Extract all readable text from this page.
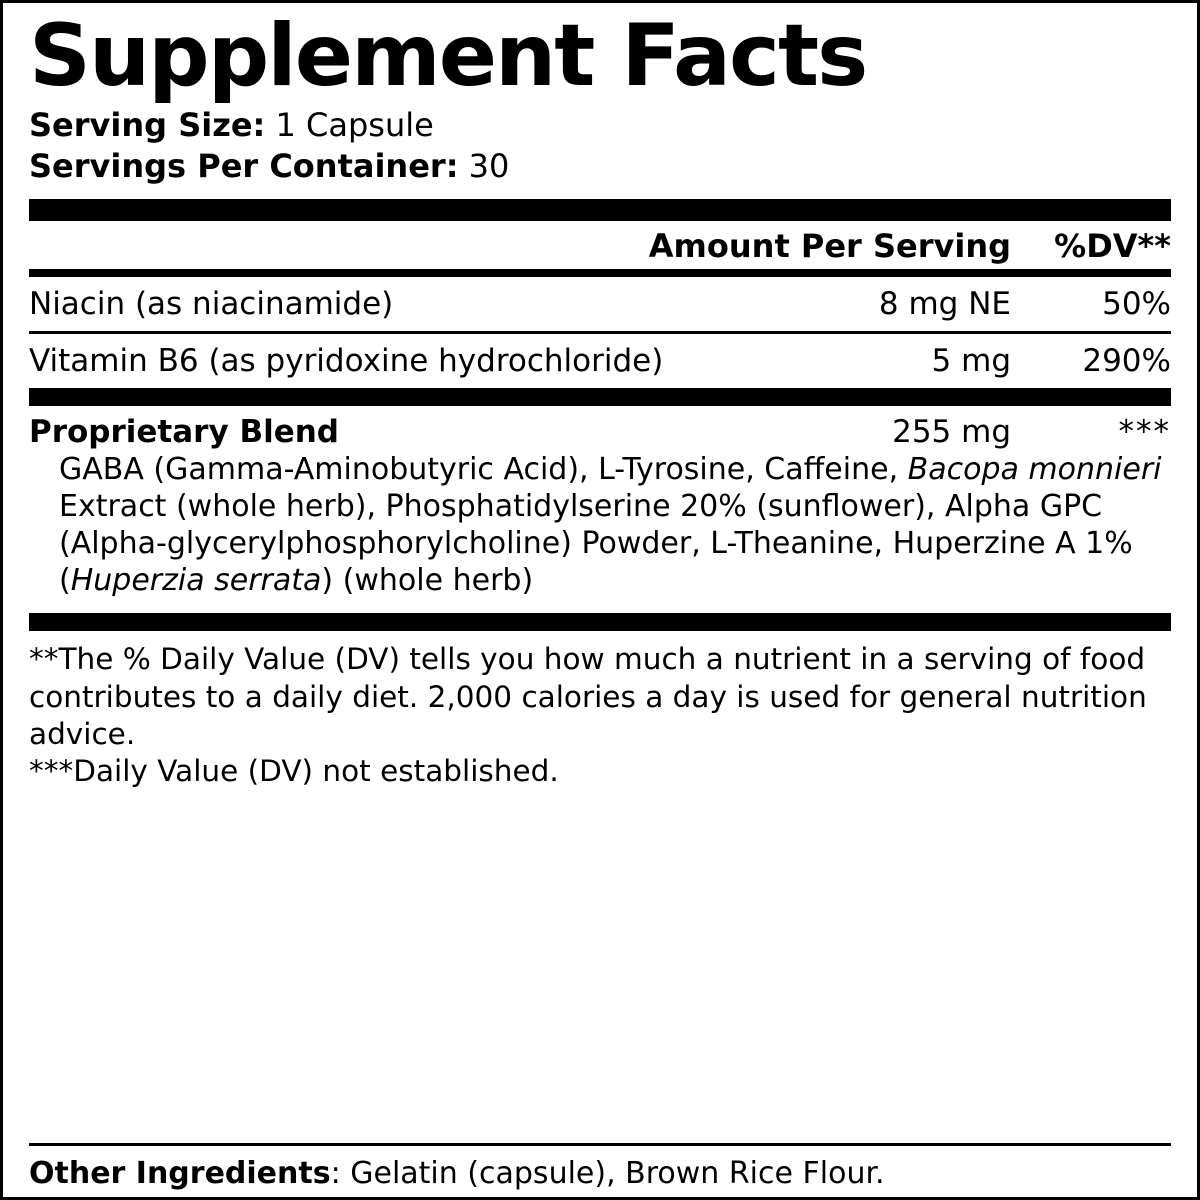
Supplement Facts
Serving Size: 1 Capsule
Servings Per Container: 30
Amount Per Serving	%DV**
Niacin (as niacinamide)	8 mg NE	50%
Vitamin B6 (as pyridoxine hydrochloride)	5 mg	290%
Proprietary Blend	255 mg	***
GABA (Gamma-Aminobutyric Acid), L-Tyrosine, Caffeine, Bacopa monnieri Extract (whole herb), Phosphatidylserine 20% (sunflower), Alpha GPC (Alpha-glycerylphosphorylcholine) Powder, L-Theanine, Huperzine A 1% (Huperzia serrata) (whole herb)
**The % Daily Value (DV) tells you how much a nutrient in a serving of food contributes to a daily diet. 2,000 calories a day is used for general nutrition advice.
***Daily Value (DV) not established.
Other Ingredients: Gelatin (capsule), Brown Rice Flour.
